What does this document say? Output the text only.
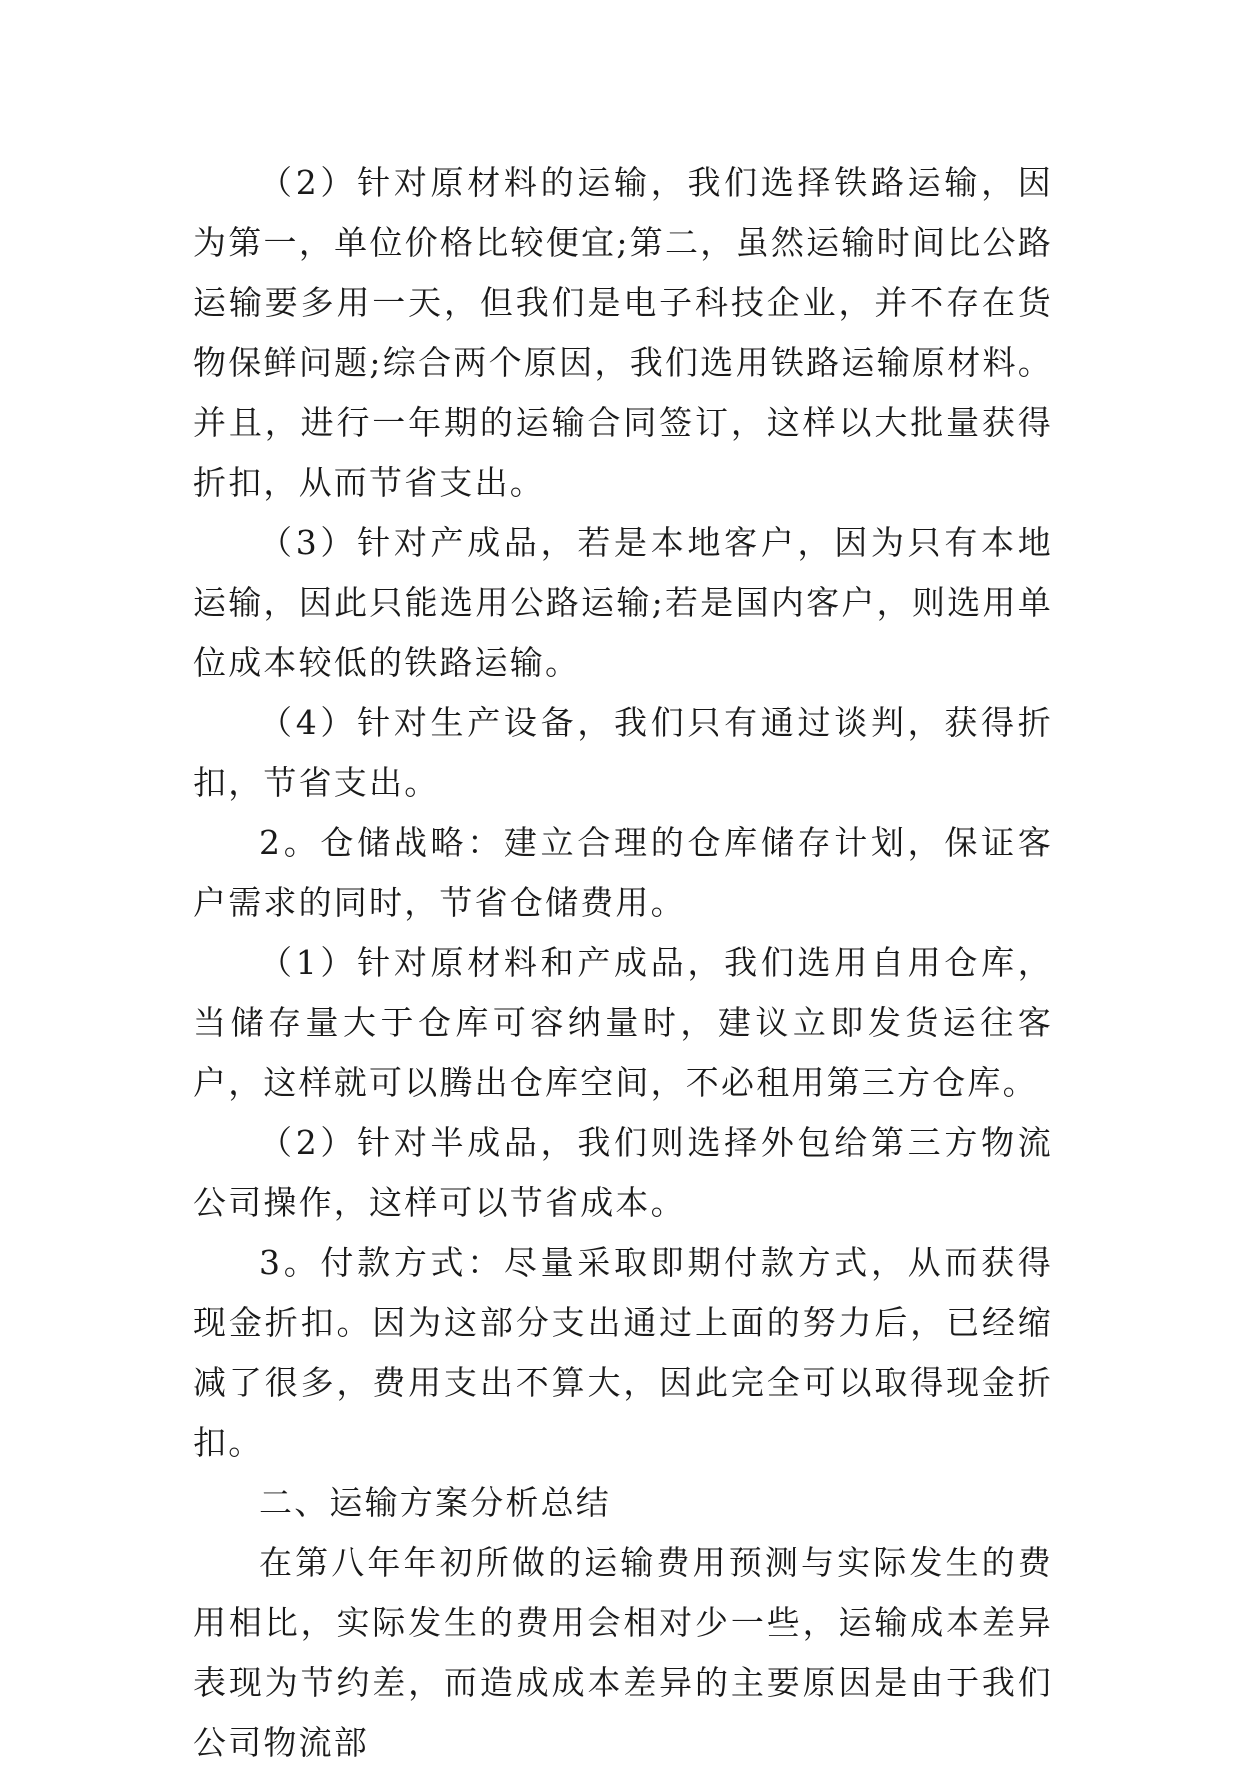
（2）针对原材料的运输，我们选择铁路运输，因为第一，单位价格比较便宜;第二，虽然运输时间比公路运输要多用一天，但我们是电子科技企业，并不存在货物保鲜问题;综合两个原因，我们选用铁路运输原材料。并且，进行一年期的运输合同签订，这样以大批量获得折扣，从而节省支出。

（3）针对产成品，若是本地客户，因为只有本地运输，因此只能选用公路运输;若是国内客户，则选用单位成本较低的铁路运输。

（4）针对生产设备，我们只有通过谈判，获得折扣，节省支出。

2。仓储战略：建立合理的仓库储存计划，保证客户需求的同时，节省仓储费用。

（1）针对原材料和产成品，我们选用自用仓库，当储存量大于仓库可容纳量时，建议立即发货运往客户，这样就可以腾出仓库空间，不必租用第三方仓库。

（2）针对半成品，我们则选择外包给第三方物流公司操作，这样可以节省成本。

3。付款方式：尽量采取即期付款方式，从而获得现金折扣。因为这部分支出通过上面的努力后，已经缩减了很多，费用支出不算大，因此完全可以取得现金折扣。

二、运输方案分析总结

在第八年年初所做的运输费用预测与实际发生的费用相比，实际发生的费用会相对少一些，运输成本差异表现为节约差，而造成成本差异的主要原因是由于我们公司物流部
